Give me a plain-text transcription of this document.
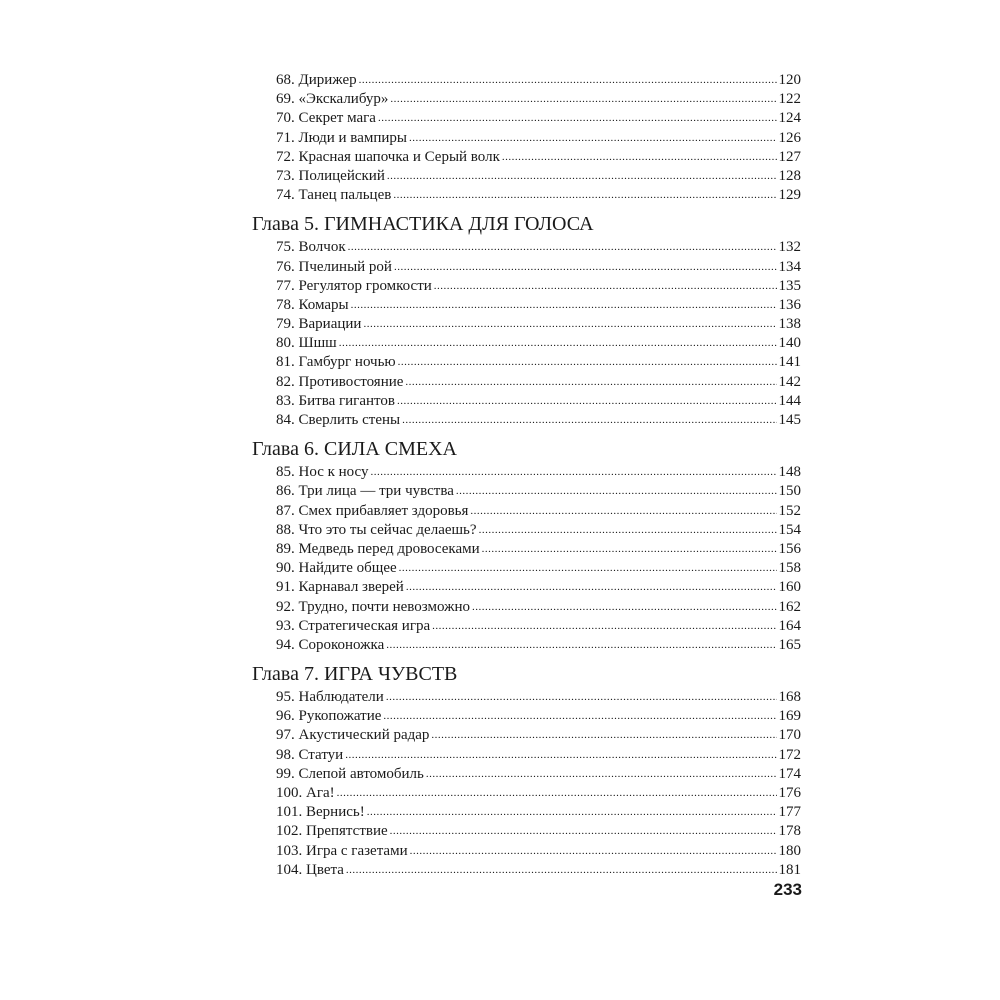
68. Дирижер .....	120
69. «Экскалибур» .....	122
70. Секрет мага .....	124
71. Люди и вампиры .....	126
72. Красная шапочка и Серый волк .....	127
73. Полицейский .....	128
74. Танец пальцев .....	129
Глава 5. ГИМНАСТИКА ДЛЯ ГОЛОСА
75. Волчок .....	132
76. Пчелиный рой .....	134
77. Регулятор громкости .....	135
78. Комары .....	136
79. Вариации .....	138
80. Шшш .....	140
81. Гамбург ночью .....	141
82. Противостояние .....	142
83. Битва гигантов .....	144
84. Сверлить стены .....	145
Глава 6. СИЛА СМЕХА
85. Нос к носу .....	148
86. Три лица — три чувства .....	150
87. Смех прибавляет здоровья .....	152
88. Что это ты сейчас делаешь? .....	154
89. Медведь перед дровосеками .....	156
90. Найдите общее .....	158
91. Карнавал зверей .....	160
92. Трудно, почти невозможно .....	162
93. Стратегическая игра .....	164
94. Сороконожка .....	165
Глава 7. ИГРА ЧУВСТВ
95. Наблюдатели .....	168
96. Рукопожатие .....	169
97. Акустический радар .....	170
98. Статуи .....	172
99. Слепой автомобиль .....	174
100. Ага! .....	176
101. Вернись! .....	177
102. Препятствие .....	178
103. Игра с газетами .....	180
104. Цвета .....	181
233
